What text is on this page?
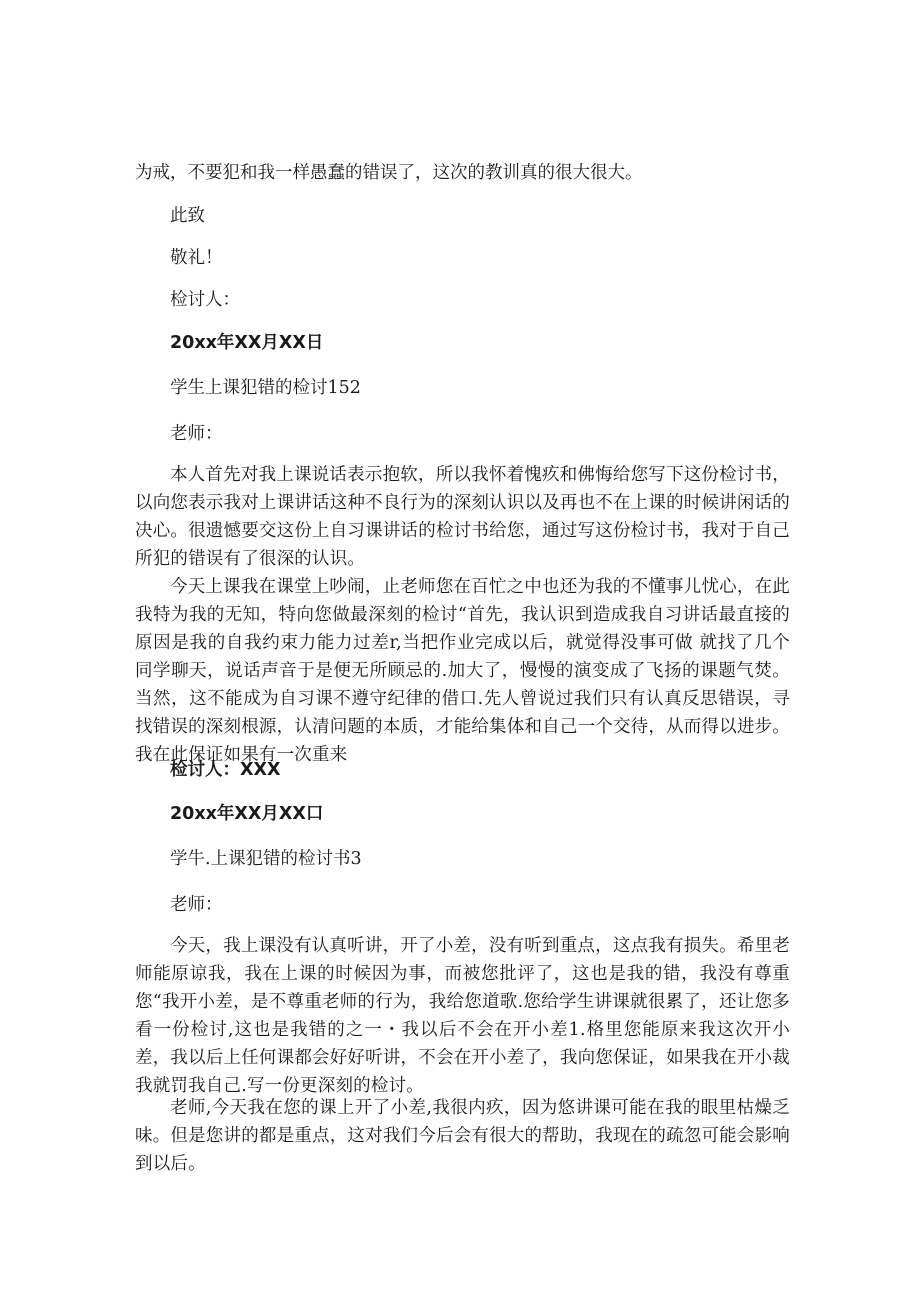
为戒，不要犯和我一样愚蠢的错误了，这次的教训真的很大很大。
此致
敬礼！
检讨人：
20xx年XX月XX日
学生上课犯错的检讨152
老师：
本人首先对我上课说话表示抱软，所以我怀着愧疚和佛悔给您写下这份检讨书，以向您表示我对上课讲话这种不良行为的深刻认识以及再也不在上课的时候讲闲话的决心。很遗憾要交这份上自习课讲话的检讨书给您，通过写这份检讨书，我对于自己所犯的错误有了很深的认识。
今天上课我在课堂上吵闹，止老师您在百忙之中也还为我的不懂事儿忧心，在此我特为我的无知，特向您做最深刻的检讨“首先，我认识到造成我自习讲话最直接的原因是我的自我约束力能力过差r,当把作业完成以后，就觉得没事可做 就找了几个同学聊天，说话声音于是便无所顾忌的.加大了，慢慢的演变成了飞扬的课题气焚。当然，这不能成为自习课不遵守纪律的借口.先人曾说过我们只有认真反思错误，寻找错误的深刻根源，认清问题的本质，才能给集体和自己一个交待，从而得以进步。我在此保证如果有一次重来
检讨人：XXX
20xx年XX月XX口
学牛.上课犯错的检讨书3
老师：
今天，我上课没有认真听讲，开了小差，没有听到重点，这点我有损失。希里老师能原谅我，我在上课的时候因为事，而被您批评了，这也是我的错，我没有尊重您“我开小差，是不尊重老师的行为，我给您道歌.您给学生讲课就很累了，还让您多看一份检讨,这也是我错的之一・我以后不会在开小差1.格里您能原来我这次开小差，我以后上任何课都会好好听讲，不会在开小差了，我向您保证，如果我在开小裁我就罚我自己.写一份更深刻的检讨。
老师,今天我在您的课上开了小差,我很内疚，因为悠讲课可能在我的眼里枯燥乏味。但是您讲的都是重点，这对我们今后会有很大的帮助，我现在的疏忽可能会影响到以后。
